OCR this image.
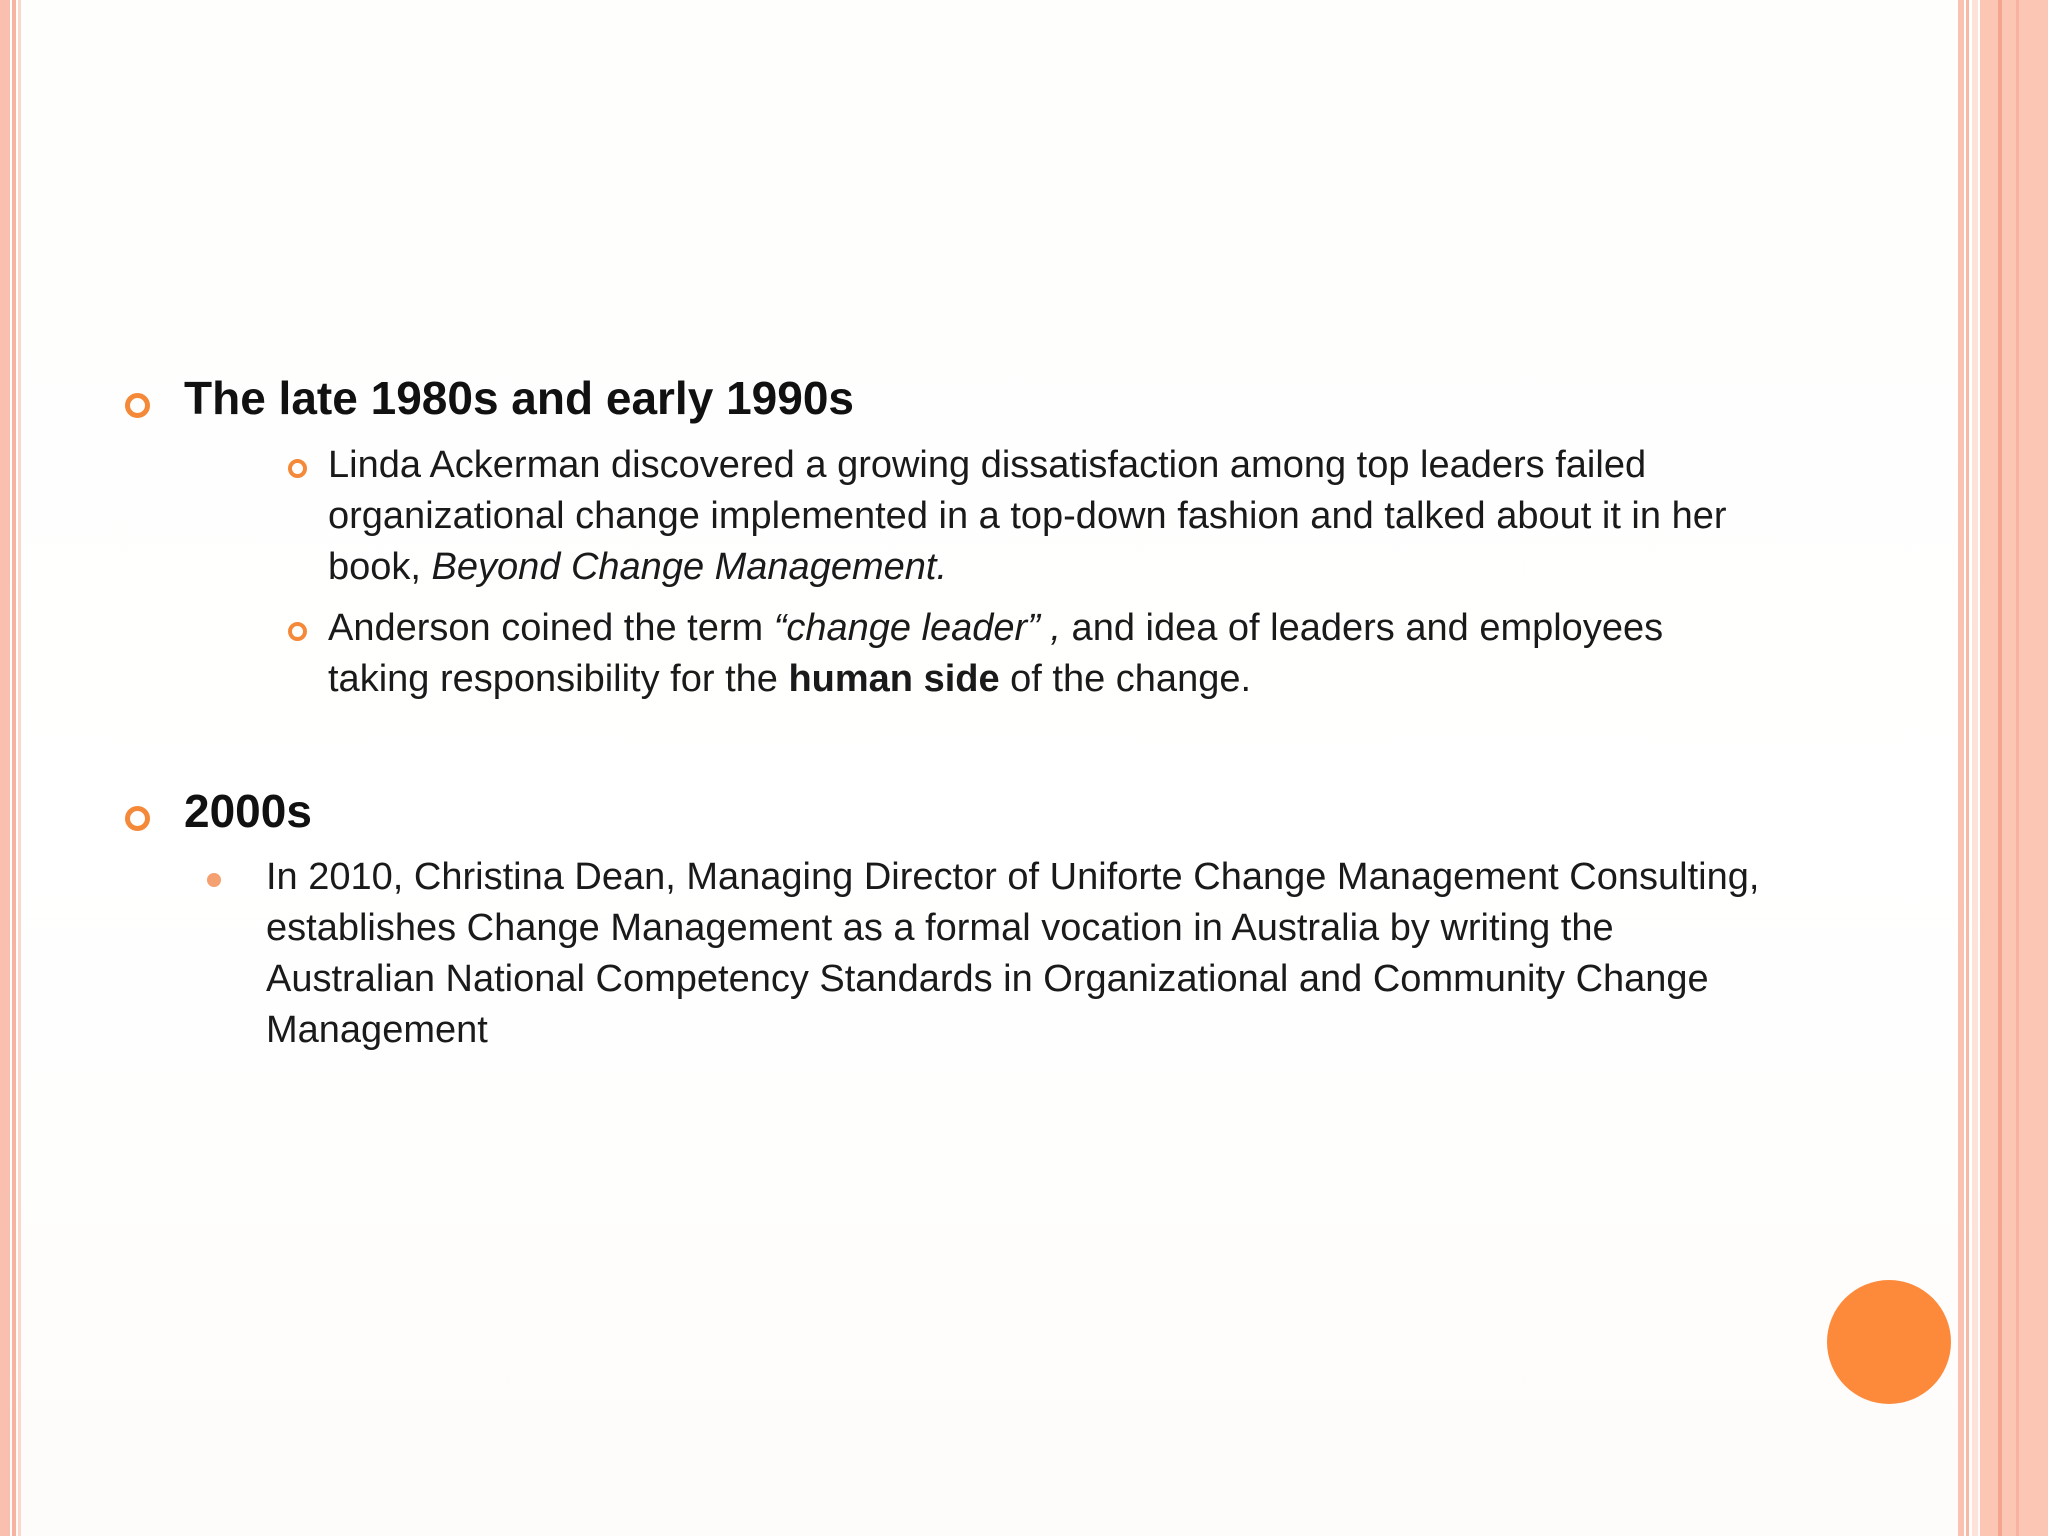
The late 1980s and early 1990s
Linda Ackerman discovered a growing dissatisfaction among top leaders failed organizational change implemented in a top-down fashion and talked about it in her book, Beyond Change Management.
Anderson coined the term “change leader” , and idea of leaders and employees taking responsibility for the human side of the change.
2000s
In 2010, Christina Dean, Managing Director of Uniforte Change Management Consulting, establishes Change Management as a formal vocation in Australia by writing the Australian National Competency Standards in Organizational and Community Change Management
